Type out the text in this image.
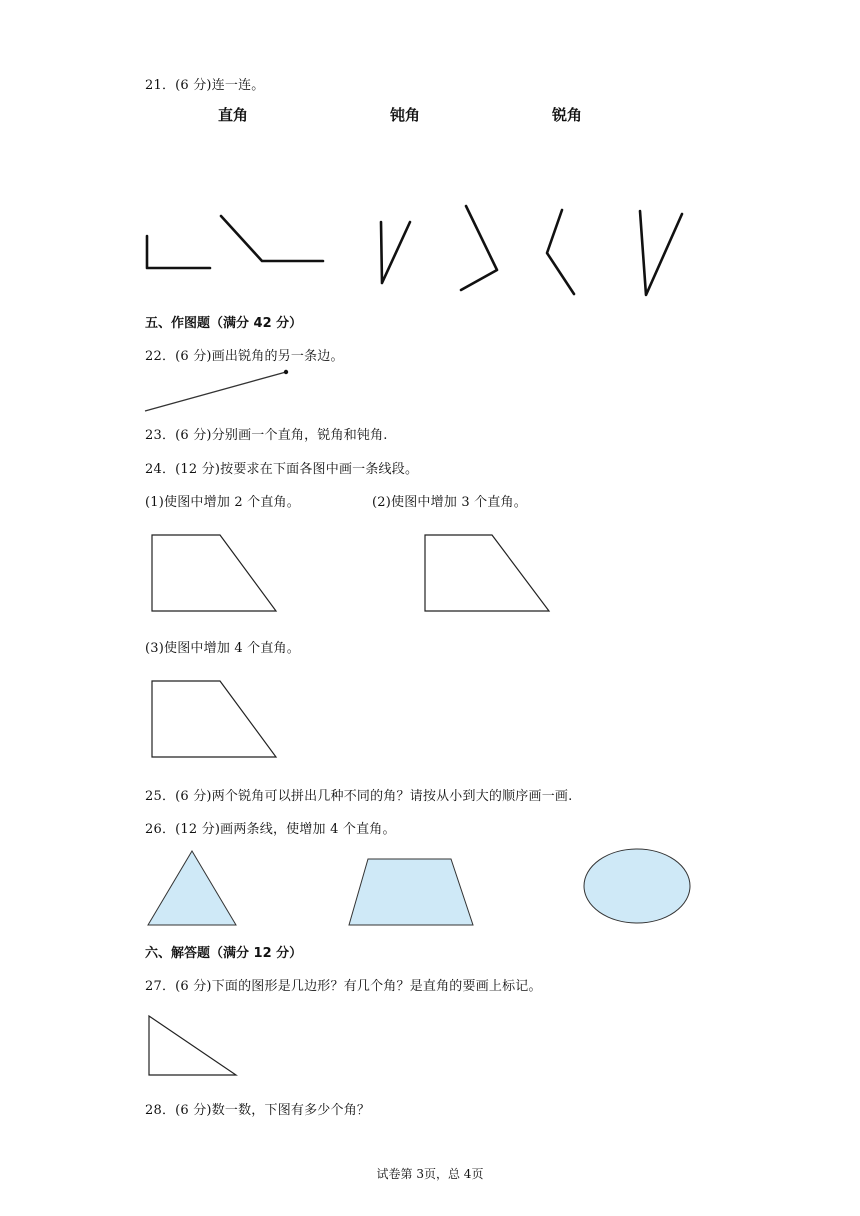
21．(6 分)连一连。
直角	钝角	锐角
五、作图题（满分 42 分）
22．(6 分)画出锐角的另一条边。
23．(6 分)分别画一个直角，锐角和钝角.
24．(12 分)按要求在下面各图中画一条线段。
(1)使图中增加 2 个直角。	(2)使图中增加 3 个直角。
(3)使图中增加 4 个直角。
25．(6 分)两个锐角可以拼出几种不同的角？请按从小到大的顺序画一画.
26．(12 分)画两条线，使增加 4 个直角。
六、解答题（满分 12 分）
27．(6 分)下面的图形是几边形？有几个角？是直角的要画上标记。
28．(6 分)数一数，下图有多少个角？
试卷第 3页，总 4页
